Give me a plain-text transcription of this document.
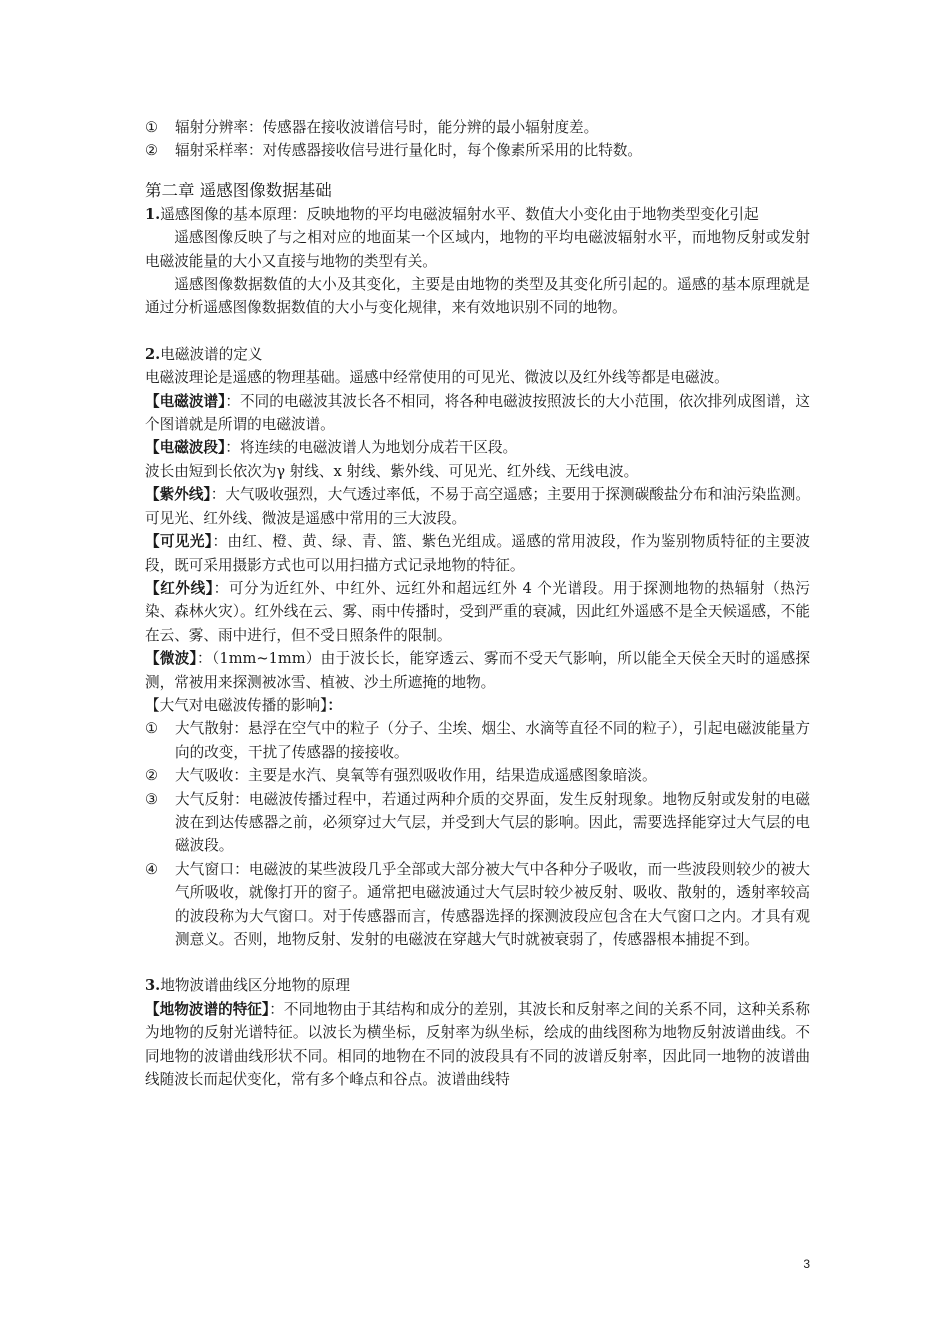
①	辐射分辨率：传感器在接收波谱信号时，能分辨的最小辐射度差。
②	辐射采样率：对传感器接收信号进行量化时，每个像素所采用的比特数。
第二章 遥感图像数据基础

1.遥感图像的基本原理：反映地物的平均电磁波辐射水平、数值大小变化由于地物类型变化引起

遥感图像反映了与之相对应的地面某一个区域内，地物的平均电磁波辐射水平，而地物反射或发射电磁波能量的大小又直接与地物的类型有关。

遥感图像数据数值的大小及其变化，主要是由地物的类型及其变化所引起的。遥感的基本原理就是通过分析遥感图像数据数值的大小与变化规律，来有效地识别不同的地物。

2.电磁波谱的定义

电磁波理论是遥感的物理基础。遥感中经常使用的可见光、微波以及红外线等都是电磁波。

【电磁波谱】：不同的电磁波其波长各不相同，将各种电磁波按照波长的大小范围，依次排列成图谱，这个图谱就是所谓的电磁波谱。

【电磁波段】：将连续的电磁波谱人为地划分成若干区段。

波长由短到长依次为γ 射线、x 射线、紫外线、可见光、红外线、无线电波。

【紫外线】：大气吸收强烈，大气透过率低，不易于高空遥感；主要用于探测碳酸盐分布和油污染监测。可见光、红外线、微波是遥感中常用的三大波段。

【可见光】：由红、橙、黄、绿、青、篮、紫色光组成。遥感的常用波段，作为鉴别物质特征的主要波段，既可采用摄影方式也可以用扫描方式记录地物的特征。

【红外线】：可分为近红外、中红外、远红外和超远红外 4 个光谱段。用于探测地物的热辐射（热污染、森林火灾）。红外线在云、雾、雨中传播时，受到严重的衰减，因此红外遥感不是全天候遥感，不能在云、雾、雨中进行，但不受日照条件的限制。

【微波】：（1mm~1mm）由于波长长，能穿透云、雾而不受天气影响，所以能全天侯全天时的遥感探测，常被用来探测被冰雪、植被、沙土所遮掩的地物。

【大气对电磁波传播的影响】：

①	大气散射：悬浮在空气中的粒子（分子、尘埃、烟尘、水滴等直径不同的粒子），引起电磁波能量方向的改变，干扰了传感器的接接收。
②	大气吸收：主要是水汽、臭氧等有强烈吸收作用，结果造成遥感图象暗淡。
③	大气反射：电磁波传播过程中，若通过两种介质的交界面，发生反射现象。地物反射或发射的电磁波在到达传感器之前，必须穿过大气层，并受到大气层的影响。因此，需要选择能穿过大气层的电磁波段。
④	大气窗口：电磁波的某些波段几乎全部或大部分被大气中各种分子吸收，而一些波段则较少的被大气所吸收，就像打开的窗子。通常把电磁波通过大气层时较少被反射、吸收、散射的，透射率较高的波段称为大气窗口。对于传感器而言，传感器选择的探测波段应包含在大气窗口之内。才具有观测意义。否则，地物反射、发射的电磁波在穿越大气时就被衰弱了，传感器根本捕捉不到。

3.地物波谱曲线区分地物的原理

【地物波谱的特征】：不同地物由于其结构和成分的差别，其波长和反射率之间的关系不同，这种关系称为地物的反射光谱特征。以波长为横坐标，反射率为纵坐标，绘成的曲线图称为地物反射波谱曲线。不同地物的波谱曲线形状不同。相同的地物在不同的波段具有不同的波谱反射率，因此同一地物的波谱曲线随波长而起伏变化，常有多个峰点和谷点。波谱曲线特

3
